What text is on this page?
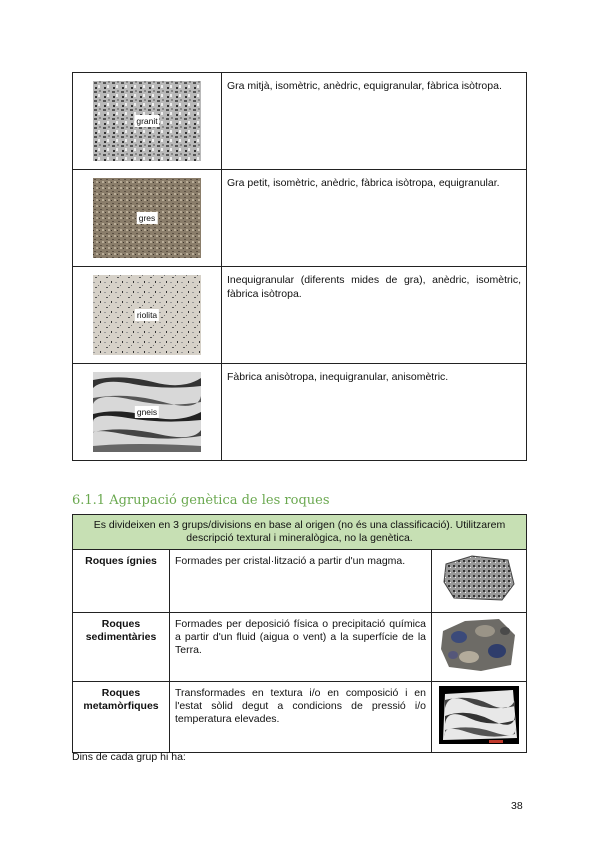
granit	Gra mitjà, isomètric, anèdric, equigranular, fàbrica isòtropa.

gres	Gra petit, isomètric, anèdric, fàbrica isòtropa, equigranular.

riolita	Inequigranular (diferents mides de gra), anèdric, isomètric, fàbrica isòtropa.

gneis	Fàbrica anisòtropa, inequigranular, anisomètric.
6.1.1 Agrupació genètica de les roques
Es divideixen en 3 grups/divisions en base al origen (no és una classificació). Utilitzarem descripció textural i mineralògica, no la genètica.		
Roques ígnies	Formades per cristal·lització a partir d'un magma.	
Roques sedimentàries	Formades per deposició física o precipitació química a partir d'un fluid (aigua o vent) a la superfície de la Terra.	
Roques metamòrfiques	Transformades en textura i/o en composició i en l'estat sòlid degut a condicions de pressió i/o temperatura elevades.	
Dins de cada grup hi ha:
38
